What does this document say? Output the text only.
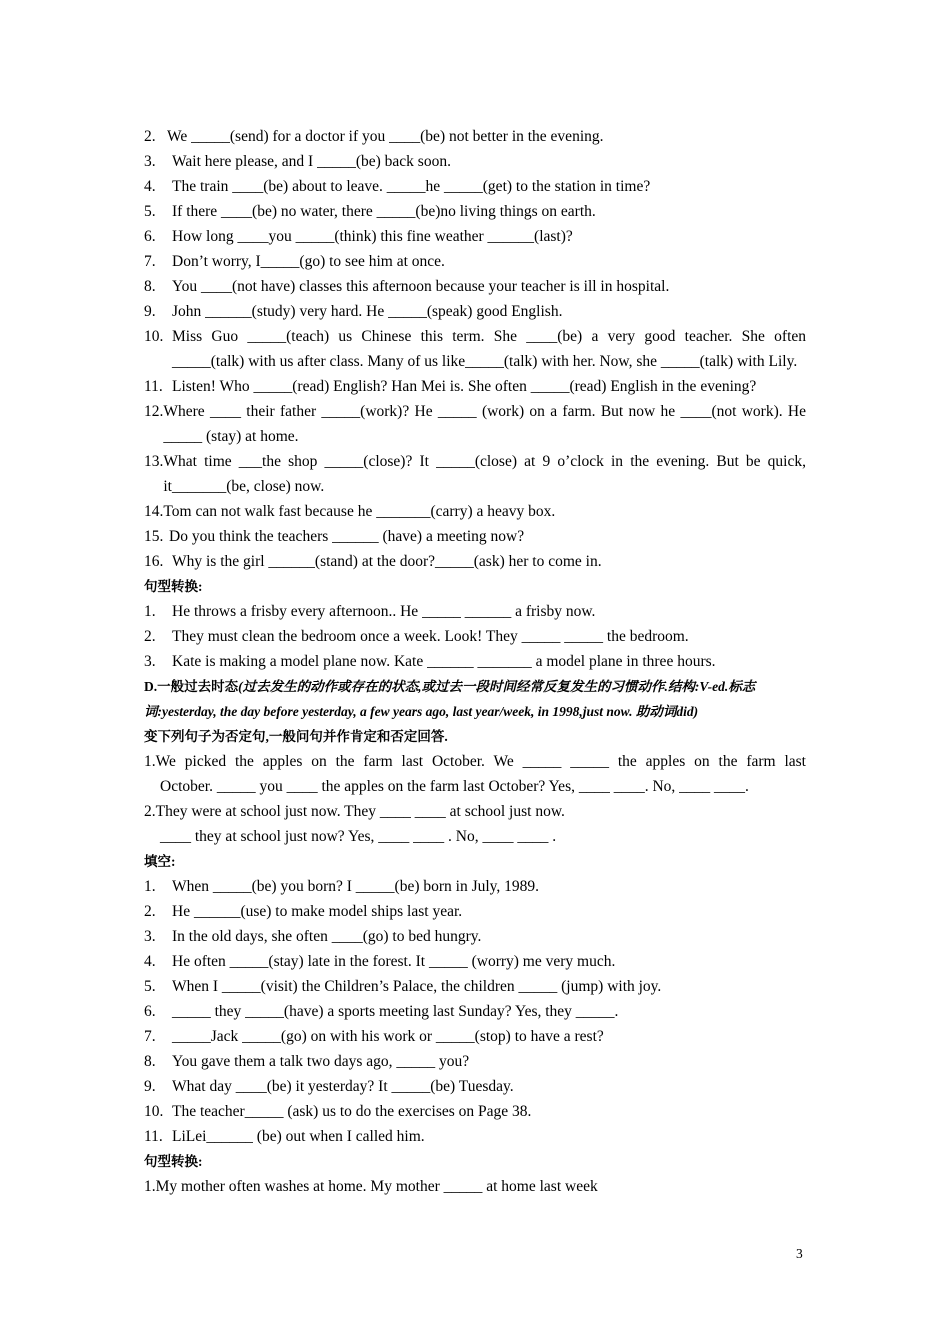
2. We _____(send) for a doctor if you ____(be) not better in the evening.
3.	Wait here please, and I _____(be) back soon.
4.	The train ____(be) about to leave. _____he _____(get) to the station in time?
5.	If there ____(be) no water, there _____(be)no living things on earth.
6.	How long ____you _____(think) this fine weather ______(last)?
7.	Don’t worry, I_____(go) to see him at once.
8.	You ____(not have) classes this afternoon because your teacher is ill in hospital.
9.	John ______(study) very hard. He _____(speak) good English.
10. Miss Guo _____(teach) us Chinese this term. She ____(be) a very good teacher. She often _____(talk) with us after class. Many of us like_____(talk) with her. Now, she _____(talk) with Lily.
11. Listen! Who _____(read) English? Han Mei is. She often _____(read) English in the evening?
12. Where ____ their father _____(work)? He _____ (work) on a farm. But now he ____(not work). He _____ (stay) at home.
13. What time ___the shop _____(close)? It _____(close) at 9 o’clock in the evening. But be quick, it_______(be, close) now.
14. Tom can not walk fast because he _______(carry) a heavy box.
15. Do you think the teachers ______ (have) a meeting now?
16. Why is the girl ______(stand) at the door?_____(ask) her to come in.
句型转换:
1.	He throws a frisby every afternoon.. He _____ ______ a frisby now.
2.	They must clean the bedroom once a week. Look! They _____ _____ the bedroom.
3.	Kate is making a model plane now. Kate ______ _______ a model plane in three hours.
D.一般过去时态(过去发生的动作或存在的状态,或过去一段时间经常反复发生的习惯动作.结构:V-ed.标志词:yesterday, the day before yesterday, a few years ago, last year/week, in 1998,just now. 助动词did)
变下列句子为否定句,一般问句并作肯定和否定回答.
1.We picked the apples on the farm last October. We _____ _____ the apples on the farm last
October. _____ you ____ the apples on the farm last October? Yes, ____ ____. No, ____ ____.
2.They were at school just now. They ____ ____ at school just now.
____ they at school just now? Yes, ____ ____ . No, ____ ____ .
填空:
1.	When _____(be) you born? I _____(be) born in July, 1989.
2.	He ______(use) to make model ships last year.
3.	In the old days, she often ____(go) to bed hungry.
4.	He often _____(stay) late in the forest. It _____ (worry) me very much.
5.	When I _____(visit) the Children’s Palace, the children _____ (jump) with joy.
6.	_____ they _____(have) a sports meeting last Sunday? Yes, they _____.
7.	_____Jack _____(go) on with his work or _____(stop) to have a rest?
8.	You gave them a talk two days ago, _____ you?
9.	What day ____(be) it yesterday? It _____(be) Tuesday.
10. The teacher_____ (ask) us to do the exercises on Page 38.
11. LiLei______ (be) out when I called him.
句型转换:
1.My mother often washes at home. My mother _____ at home last week
3
